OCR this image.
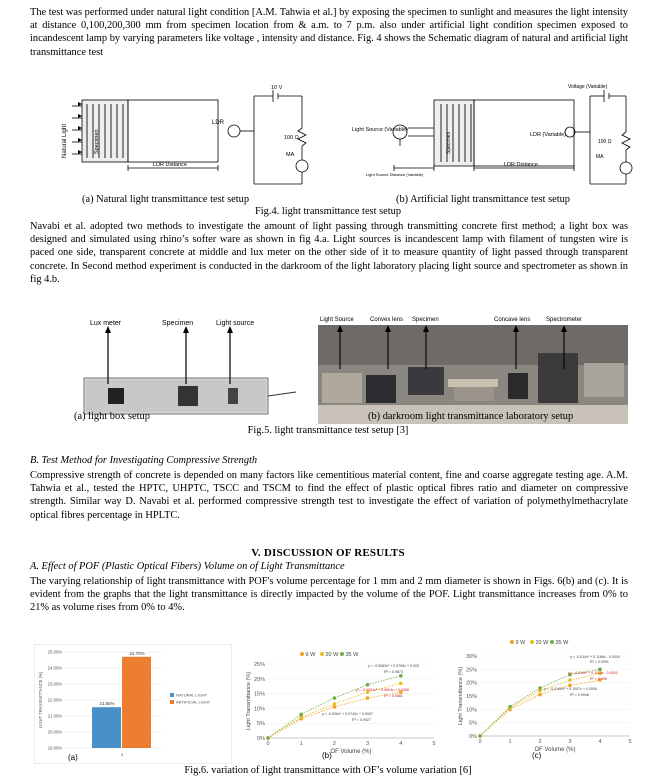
The test was performed under natural light condition [A.M. Tahwia et al.] by exposing the specimen to sunlight and measures the light intensity at distance 0,100,200,300 mm from specimen location from & a.m. to 7 p.m. also under artificial light condition specimen exposed to incandescent lamp by varying parameters like voltage , intensity and distance. Fig. 4 shows the Schematic diagram of natural and artificial light transmittance test

Natural Light	Specimen
LDR
LDR Distance
10 V
100 Ω
MA
Light Source (Variable)
Specimen	LDR (Variable)
Light Source Distance (Variable)
LDR Distance
Voltage (Variable)
100 Ω
MA
(a) Natural light transmittance test setup	(b) Artificial light transmittance test setup
Fig.4. light transmittance test setup

Navabi et al. adopted two methods to investigate the amount of light passing through transmitting concrete first method; a light box was designed and simulated using rhino’s softer ware as shown in fig 4.a. Light sources is incandescent lamp with filament of tungsten wire is paced one side, transparent concrete at middle and lux meter on the other side of it to measure quantity of light passed through transparent concrete. In Second method experiment is conducted in the darkroom of the light laboratory placing light source and spectrometer as shown in fig 4.b.

Lux meter	Specimen	Light source	Light Source	Convex lens Specimen	Concave lens	Spectrometer
(a) light box setup	(b) darkroom light transmittance laboratory setup
Fig.5. light transmittance test setup [3]
B. Test Method for Investigating Compressive Strength

Compressive strength of concrete is depended on many factors like cementitious material content, fine and coarse aggregate testing age. A.M. Tahwia et al., tested the HPTC, UHPTC, TSCC and TSCM to find the effect of plastic optical fibres ratio and diameter on compressive strength. Similar way D. Navabi et al. performed compressive strength test to investigate the effect of variation of polymethylmethacrylate optical fibres percentage in HPLTC.

V. DISCUSSION OF RESULTS
A. Effect of POF (Plastic Optical Fibers) Volume on of Light Transmittance

The varying relationship of light transmittance with POF's volume percentage for 1 mm and 2 mm diameter is shown in Figs. 6(b) and (c). It is evident from the graphs that the light transmittance is directly impacted by the volume of the POF. Light transmittance increases from 0% to 21% as volume rises from 0% to 4%.

19.00%
20.00%
21.00%
22.00%
23.00%
24.00%
25.00%
LIGHT TRANSMITTANCE (%)	21.55%
24.70%
1
NATURAL LIGHT
ARTIFICIAL LIGHT
(a)
0%
5%
10%
15%
20%
25%
0	1	2	3	4	5
OF Volume (%)
Light Transmittance (%)
9 W 20 W 35 W
y = -0.0063x² + 0.0708x + 0.005
R² = 0.9873
y = -0.0051x² + 0.0604x + 0.0058
R² = 0.9881
y = -0.006x² + 0.0743x + 0.0067
R² = 0.9927
(b)
0%
5%
10%
15%
20%
25%
30%
0	1	2	3	4	5
OF Volume (%)
Light Transmittance (%)
9 W 20 W 35 W
y = -0.014x² + 0.1166x - 0.0019
R² = 0.9991
y = -0.014x² + 0.1115x - 0.0003
R² = 0.998
y = -0.0145x² + 0.1087x + 0.0006
R² = 0.9946
(c)
Fig.6. variation of light transmittance with OF’s volume variation [6]
